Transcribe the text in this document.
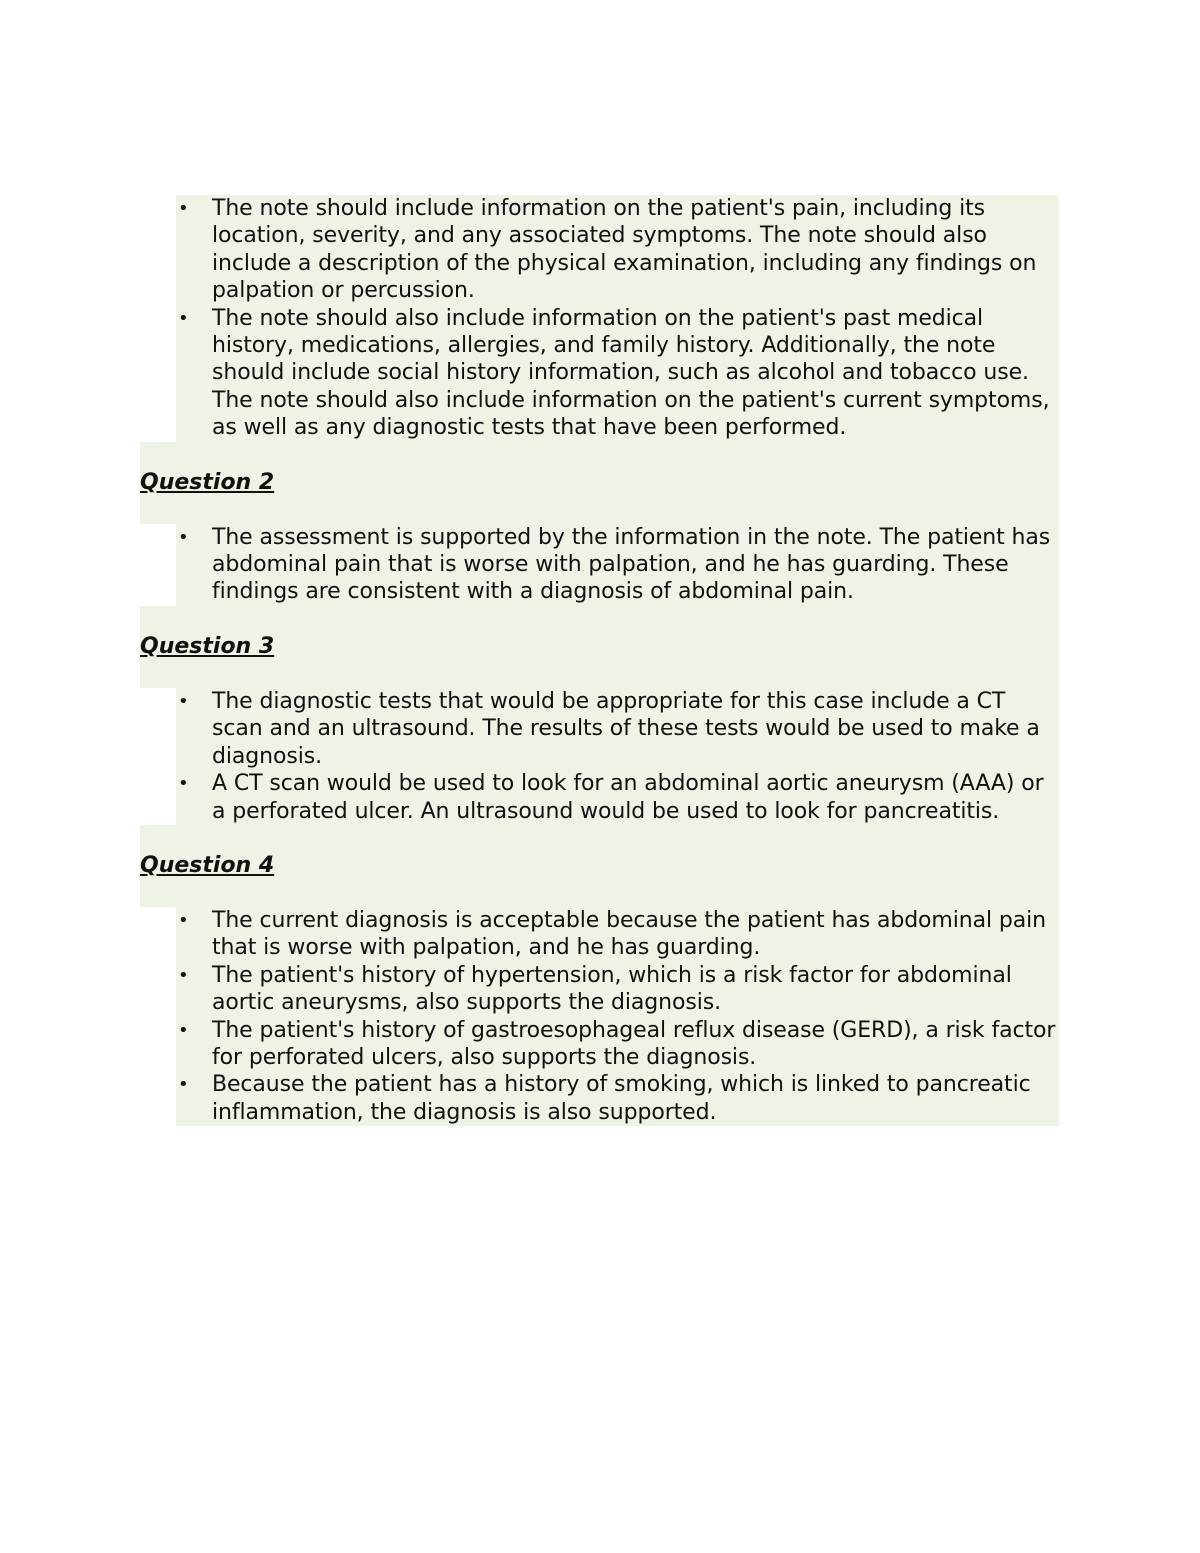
• The note should include information on the patient's pain, including its location, severity, and any associated symptoms. The note should also include a description of the physical examination, including any findings on palpation or percussion.
• The note should also include information on the patient's past medical history, medications, allergies, and family history. Additionally, the note should include social history information, such as alcohol and tobacco use. The note should also include information on the patient's current symptoms, as well as any diagnostic tests that have been performed.
Question 2
• The assessment is supported by the information in the note. The patient has abdominal pain that is worse with palpation, and he has guarding. These findings are consistent with a diagnosis of abdominal pain.
Question 3
• The diagnostic tests that would be appropriate for this case include a CT scan and an ultrasound. The results of these tests would be used to make a diagnosis.
• A CT scan would be used to look for an abdominal aortic aneurysm (AAA) or a perforated ulcer. An ultrasound would be used to look for pancreatitis.
Question 4
• The current diagnosis is acceptable because the patient has abdominal pain that is worse with palpation, and he has guarding.
• The patient's history of hypertension, which is a risk factor for abdominal aortic aneurysms, also supports the diagnosis.
• The patient's history of gastroesophageal reflux disease (GERD), a risk factor for perforated ulcers, also supports the diagnosis.
• Because the patient has a history of smoking, which is linked to pancreatic inflammation, the diagnosis is also supported.
